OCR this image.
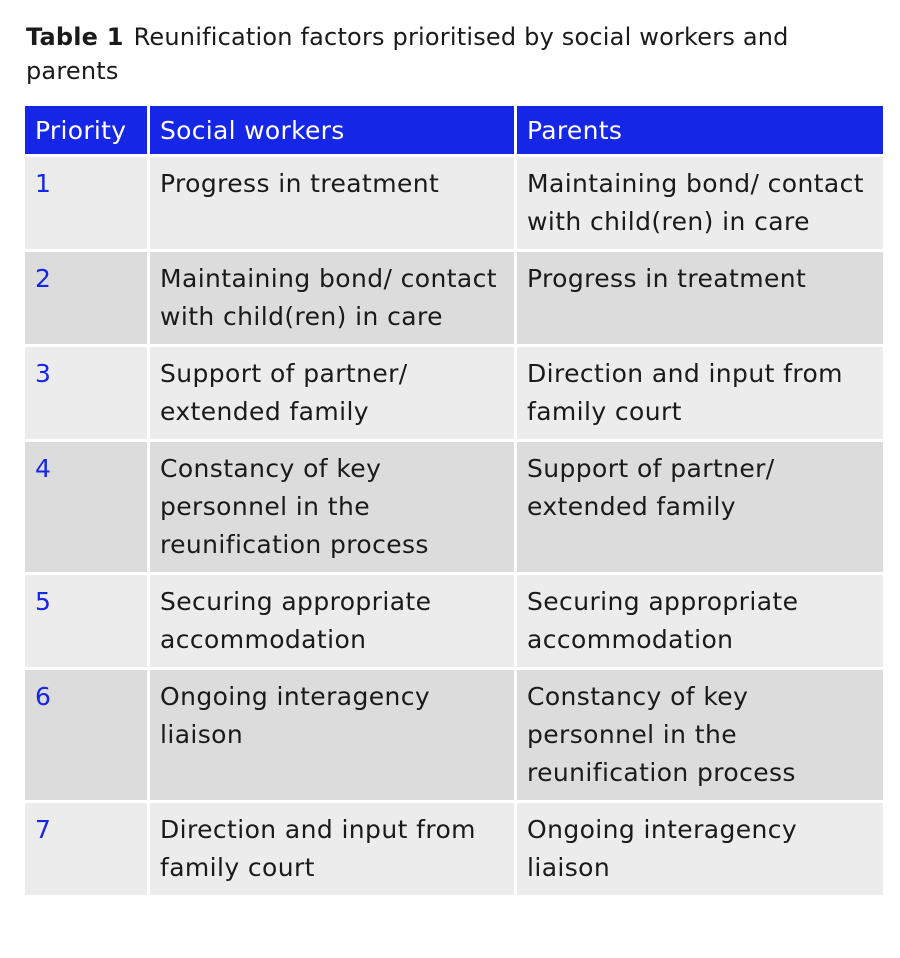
Table 1 Reunification factors prioritised by social workers and parents
Priority	Social workers	Parents
1	Progress in treatment	Maintaining bond/ contact with child(ren) in care
2	Maintaining bond/ contact with child(ren) in care	Progress in treatment
3	Support of partner/ extended family	Direction and input from family court
4	Constancy of key personnel in the reunification process	Support of partner/ extended family
5	Securing appropriate accommodation	Securing appropriate accommodation
6	Ongoing interagency liaison	Constancy of key personnel in the reunification process
7	Direction and input from family court	Ongoing interagency liaison
